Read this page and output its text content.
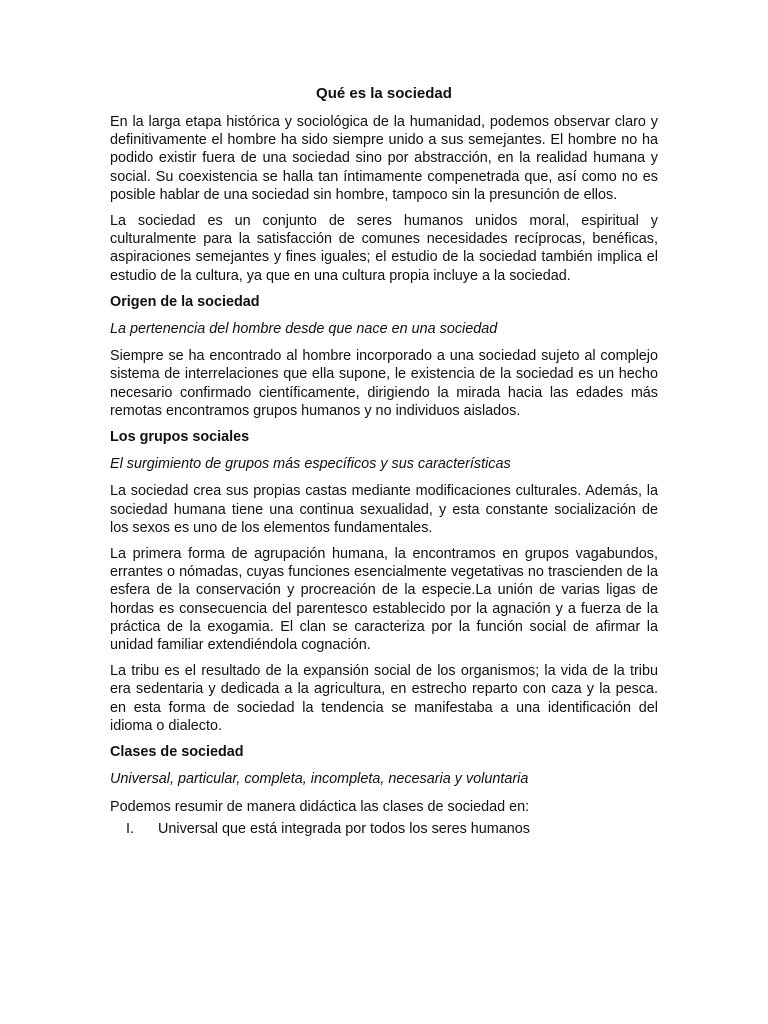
Qué es la sociedad

En la larga etapa histórica y sociológica de la humanidad, podemos observar claro y definitivamente el hombre ha sido siempre unido a sus semejantes. El hombre no ha podido existir fuera de una sociedad sino por abstracción, en la realidad humana y social. Su coexistencia se halla tan íntimamente compenetrada que, así como no es posible hablar de una sociedad sin hombre, tampoco sin la presunción de ellos.

La sociedad es un conjunto de seres humanos unidos moral, espiritual y culturalmente para la satisfacción de comunes necesidades recíprocas, benéficas, aspiraciones semejantes y fines iguales; el estudio de la sociedad también implica el estudio de la cultura, ya que en una cultura propia incluye a la sociedad.

Origen de la sociedad
La pertenencia del hombre desde que nace en una sociedad

Siempre se ha encontrado al hombre incorporado a una sociedad sujeto al complejo sistema de interrelaciones que ella supone, le existencia de la sociedad es un hecho necesario confirmado científicamente, dirigiendo la mirada hacia las edades más remotas encontramos grupos humanos y no individuos aislados.

Los grupos sociales
El surgimiento de grupos más específicos y sus características

La sociedad crea sus propias castas mediante modificaciones culturales. Además, la sociedad humana tiene una continua sexualidad, y esta constante socialización de los sexos es uno de los elementos fundamentales.

La primera forma de agrupación humana, la encontramos en grupos vagabundos, errantes o nómadas, cuyas funciones esencialmente vegetativas no trascienden de la esfera de la conservación y procreación de la especie.La unión de varias ligas de hordas es consecuencia del parentesco establecido por la agnación y a fuerza de la práctica de la exogamia. El clan se caracteriza por la función social de afirmar la unidad familiar extendiéndola cognación.

La tribu es el resultado de la expansión social de los organismos; la vida de la tribu era sedentaria y dedicada a la agricultura, en estrecho reparto con caza y la pesca. en esta forma de sociedad la tendencia se manifestaba a una identificación del idioma o dialecto.

Clases de sociedad
Universal, particular, completa, incompleta, necesaria y voluntaria

Podemos resumir de manera didáctica las clases de sociedad en:

I. Universal que está integrada por todos los seres humanos
